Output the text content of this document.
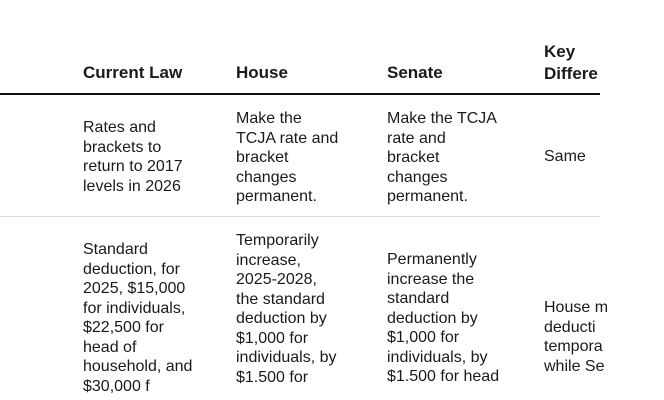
Current Law	House	Senate
Key
Differe
Rates and
brackets to
return to 2017
levels in 2026
Make the
TCJA rate and
bracket
changes
permanent.
Make the TCJA
rate and
bracket
changes
permanent.
Same
Standard
deduction, for
2025, $15,000
for individuals,
$22,500 for
head of
household, and
$30,000 f
Temporarily
increase,
2025-2028,
the standard
deduction by
$1,000 for
individuals, by
$1.500 for
Permanently
increase the
standard
deduction by
$1,000 for
individuals, by
$1.500 for head
House m
deducti
tempora
while Se
